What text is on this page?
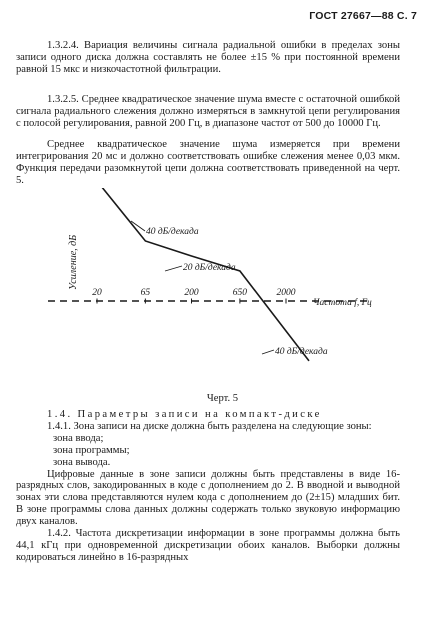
ГОСТ 27667—88 С. 7
1.3.2.4. Вариация величины сигнала радиальной ошибки в пределах зоны записи одного диска должна составлять не более ±15 % при постоянной времени равной 15 мкс и низкочастотной фильтрации.
1.3.2.5. Среднее квадратическое значение шума вместе с остаточной ошибкой сигнала радиального слежения должно измеряться в замкнутой цепи регулирования с полосой регулирования, равной 200 Гц, в диапазоне частот от 500 до 10000 Гц.
Среднее квадратическое значение шума измеряется при времени интегрирования 20 мс и должно соответствовать ошибке слежения менее 0,03 мкм. Функция передачи разомкнутой цепи должна соответствовать приведенной на черт. 5.
Усиление, дБ
Частота f, Гц
20	65	200	650	2000
40 дБ/декада
20 дБ/декада
40 дБ/декада
Черт. 5
1.4. Параметры записи на компакт-диске
1.4.1. Зона записи на диске должна быть разделена на следующие зоны:
зона ввода;
зона программы;
зона вывода.
Цифровые данные в зоне записи должны быть представлены в виде 16-разрядных слов, закодированных в коде с дополнением до 2. В вводной и выводной зонах эти слова представляются нулем кода с дополнением до (2±15) младших бит. В зоне программы слова данных должны содержать только звуковую информацию двух каналов.
1.4.2. Частота дискретизации информации в зоне программы должна быть 44,1 кГц при одновременной дискретизации обоих каналов. Выборки должны кодироваться линейно в 16-разрядных
